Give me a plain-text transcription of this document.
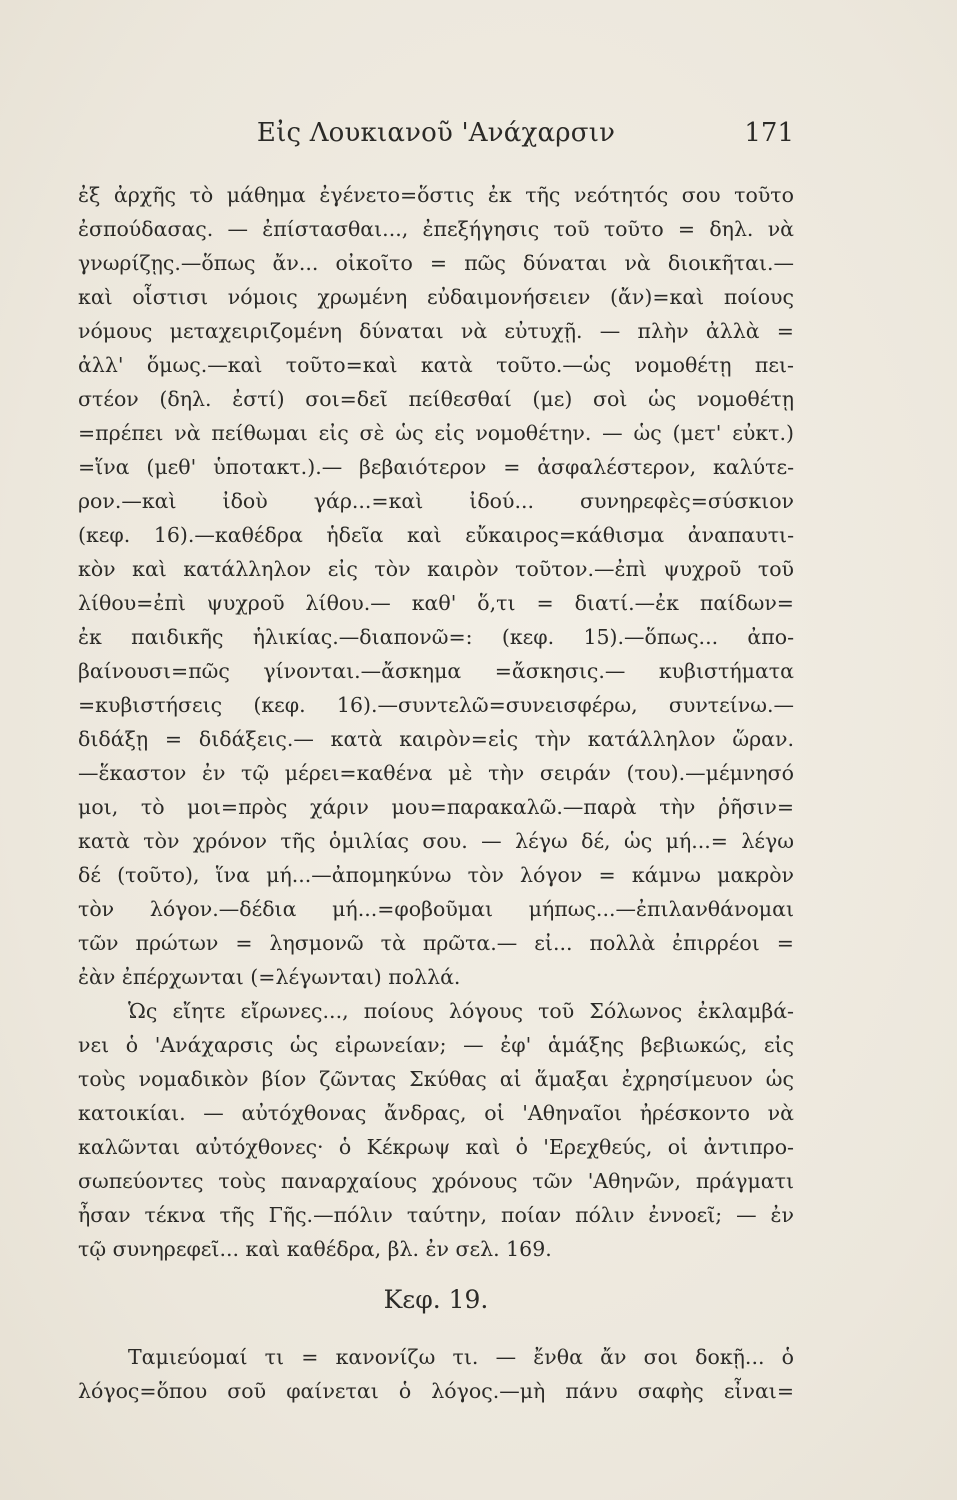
Εἰς Λουκιανοῦ 'Ανάχαρσιν	171
ἐξ ἀρχῆς τὸ μάθημα ἐγένετο=ὅστις ἐκ τῆς νεότητός σου τοῦτο
ἐσπούδασας. — ἐπίστασθαι..., ἐπεξήγησις τοῦ τοῦτο = δηλ. νὰ
γνωρίζῃς.—ὅπως ἄν... οἰκοῖτο = πῶς δύναται νὰ διοικῆται.—
καὶ οἷστισι νόμοις χρωμένη εὐδαιμονήσειεν (ἄν)=καὶ ποίους
νόμους μεταχειριζομένη δύναται νὰ εὐτυχῇ. — πλὴν ἀλλὰ =
ἀλλ' ὅμως.—καὶ τοῦτο=καὶ κατὰ τοῦτο.—ὡς νομοθέτῃ πει-
στέον (δηλ. ἐστί) σοι=δεῖ πείθεσθαί (με) σοὶ ὡς νομοθέτῃ
=πρέπει νὰ πείθωμαι εἰς σὲ ὡς εἰς νομοθέτην. — ὡς (μετ' εὐκτ.)
=ἵνα (μεθ' ὑποτακτ.).— βεβαιότερον = ἀσφαλέστερον, καλύτε-
ρον.—καὶ ἰδοὺ γάρ...=καὶ ἰδού... συνηρεφὲς=σύσκιον
(κεφ. 16).—καθέδρα ἡδεῖα καὶ εὔκαιρος=κάθισμα ἀναπαυτι-
κὸν καὶ κατάλληλον εἰς τὸν καιρὸν τοῦτον.—ἐπὶ ψυχροῦ τοῦ
λίθου=ἐπὶ ψυχροῦ λίθου.— καθ' ὅ,τι = διατί.—ἐκ παίδων=
ἐκ παιδικῆς ἡλικίας.—διαπονῶ=: (κεφ. 15).—ὅπως... ἀπο-
βαίνουσι=πῶς γίνονται.—ἄσκημα =ἄσκησις.— κυβιστήματα
=κυβιστήσεις (κεφ. 16).—συντελῶ=συνεισφέρω, συντείνω.—
διδάξῃ = διδάξεις.— κατὰ καιρὸν=εἰς τὴν κατάλληλον ὥραν.
—ἕκαστον ἐν τῷ μέρει=καθένα μὲ τὴν σειράν (του).—μέμνησό
μοι, τὸ μοι=πρὸς χάριν μου=παρακαλῶ.—παρὰ τὴν ῥῆσιν=
κατὰ τὸν χρόνον τῆς ὁμιλίας σου. — λέγω δέ, ὡς μή...= λέγω
δέ (τοῦτο), ἵνα μή...—ἀπομηκύνω τὸν λόγον = κάμνω μακρὸν
τὸν λόγον.—δέδια μή...=φοβοῦμαι μήπως...—ἐπιλανθάνομαι
τῶν πρώτων = λησμονῶ τὰ πρῶτα.— εἰ... πολλὰ ἐπιρρέοι =
ἐὰν ἐπέρχωνται (=λέγωνται) πολλά.
Ὡς εἴητε εἴρωνες..., ποίους λόγους τοῦ Σόλωνος ἐκλαμβά-
νει ὁ 'Ανάχαρσις ὡς εἰρωνείαν; — ἐφ' ἁμάξης βεβιωκώς, εἰς
τοὺς νομαδικὸν βίον ζῶντας Σκύθας αἱ ἅμαξαι ἐχρησίμευον ὡς
κατοικίαι. — αὐτόχθονας ἄνδρας, οἱ 'Αθηναῖοι ἠρέσκοντο νὰ
καλῶνται αὐτόχθονες· ὁ Κέκρωψ καὶ ὁ 'Ερεχθεύς, οἱ ἀντιπρο-
σωπεύοντες τοὺς παναρχαίους χρόνους τῶν 'Αθηνῶν, πράγματι
ἦσαν τέκνα τῆς Γῆς.—πόλιν ταύτην, ποίαν πόλιν ἐννοεῖ; — ἐν
τῷ συνηρεφεῖ... καὶ καθέδρα, βλ. ἐν σελ. 169.
Κεφ. 19.
Ταμιεύομαί τι = κανονίζω τι. — ἔνθα ἄν σοι δοκῇ... ὁ
λόγος=ὅπου σοῦ φαίνεται ὁ λόγος.—μὴ πάνυ σαφὴς εἶναι=
